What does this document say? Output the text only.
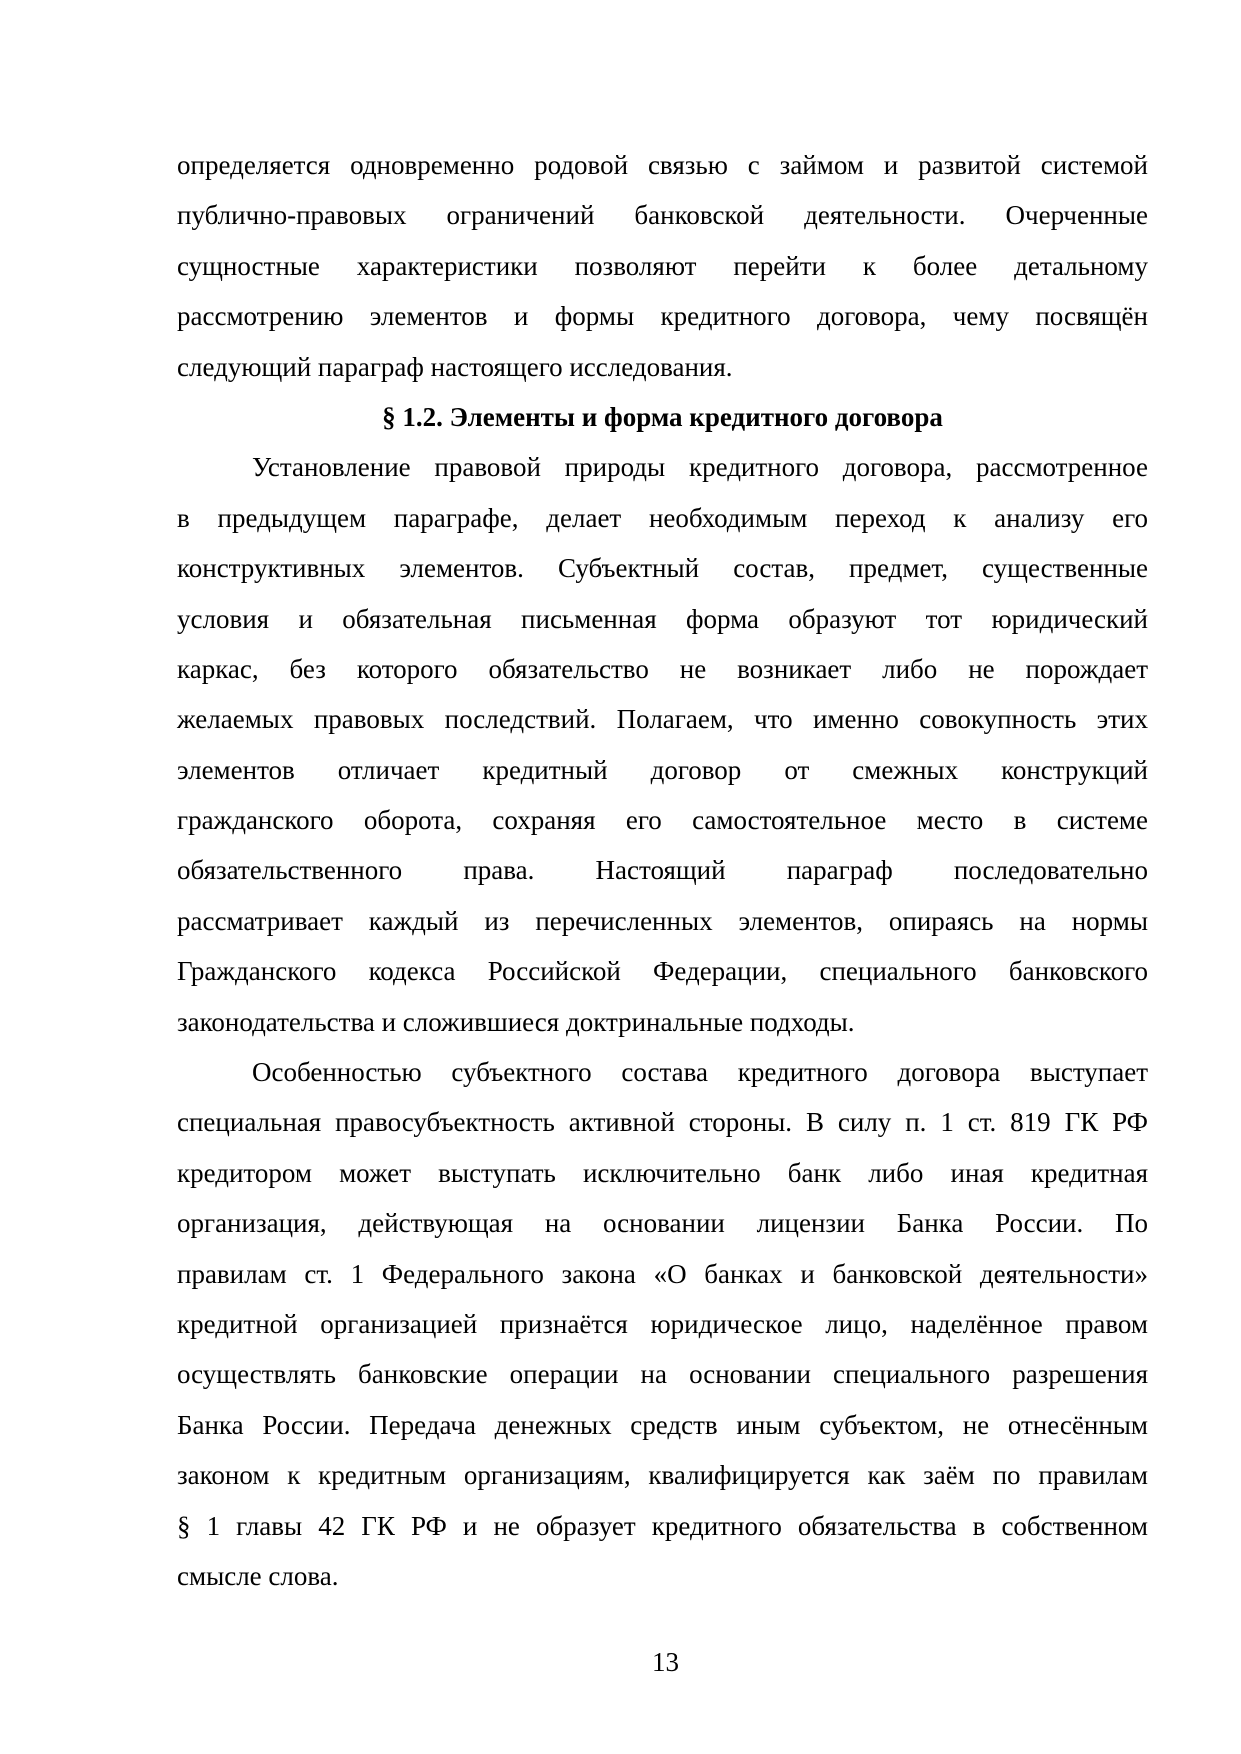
определяется одновременно родовой связью с займом и развитой системой
публично-правовых ограничений банковской деятельности. Очерченные
сущностные характеристики позволяют перейти к более детальному
рассмотрению элементов и формы кредитного договора, чему посвящён
следующий параграф настоящего исследования.
§ 1.2. Элементы и форма кредитного договора
Установление правовой природы кредитного договора, рассмотренное
в предыдущем параграфе, делает необходимым переход к анализу его
конструктивных элементов. Субъектный состав, предмет, существенные
условия и обязательная письменная форма образуют тот юридический
каркас, без которого обязательство не возникает либо не порождает
желаемых правовых последствий. Полагаем, что именно совокупность этих
элементов отличает кредитный договор от смежных конструкций
гражданского оборота, сохраняя его самостоятельное место в системе
обязательственного права. Настоящий параграф последовательно
рассматривает каждый из перечисленных элементов, опираясь на нормы
Гражданского кодекса Российской Федерации, специального банковского
законодательства и сложившиеся доктринальные подходы.
Особенностью субъектного состава кредитного договора выступает
специальная правосубъектность активной стороны. В силу п. 1 ст. 819 ГК РФ
кредитором может выступать исключительно банк либо иная кредитная
организация, действующая на основании лицензии Банка России. По
правилам ст. 1 Федерального закона «О банках и банковской деятельности»
кредитной организацией признаётся юридическое лицо, наделённое правом
осуществлять банковские операции на основании специального разрешения
Банка России. Передача денежных средств иным субъектом, не отнесённым
законом к кредитным организациям, квалифицируется как заём по правилам
§ 1 главы 42 ГК РФ и не образует кредитного обязательства в собственном
смысле слова.
13
